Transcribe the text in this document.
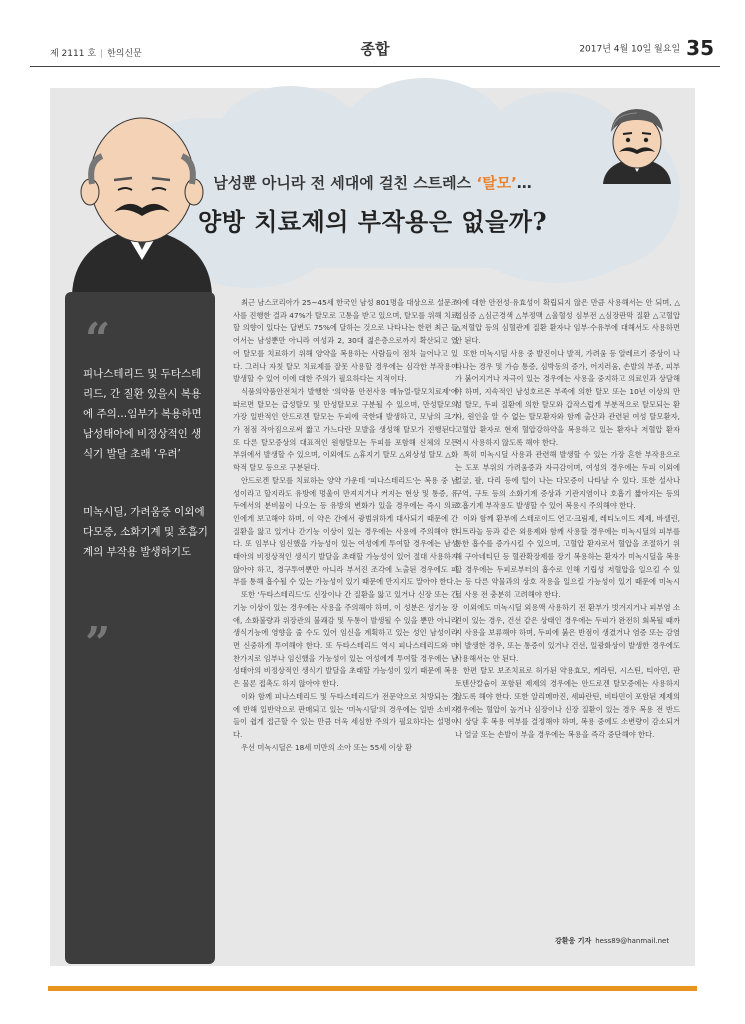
제 2111 호 | 한의신문	종합	2017년 4월 10일 월요일 35
남성뿐 아니라 전 세대에 걸친 스트레스 ‘탈모’…
양방 치료제의 부작용은 없을까?
“
피나스테리드 및 두타스테리드, 간 질환 있을시 복용에 주의…임부가 복용하면 남성태아에 비정상적인 생식기 발달 초래 ‘우려’
미녹시딜, 가려움증 이외에 다모증, 소화기계 및 호흡기계의 부작용 발생하기도
”

최근 남스코리아가 25~45세 한국인 남성 801명을 대상으로 설문조사를 진행한 결과 47%가 탈모로 고통을 받고 있으며, 탈모를 위해 치료할 의향이 있다는 답변도 75%에 달하는 것으로 나타나는 한편 최근 들어서는 남성뿐만 아니라 여성과 2, 30대 젊은층으로까지 확산되고 있어 탈모를 치료하기 위해 양약을 복용하는 사람들이 점차 늘어나고 있다. 그러나 자칫 탈모 치료제를 잘못 사용할 경우에는 심각한 부작용이 발생할 수 있어 이에 대한 주의가 필요하다는 지적이다.

식품의약품안전처가 발행한 '의약품 안전사용 매뉴얼-탈모치료제'에 따르면 탈모는 급성탈모 및 만성탈모로 구분될 수 있으며, 만성탈모의 가장 일반적인 안드로겐 탈모는 두피에 국한돼 발생하고, 모낭의 크기가 점점 작아짐으로써 짧고 가느다란 모발을 생성해 탈모가 진행된다. 또 다른 탈모증상의 대표적인 원형탈모는 두피를 포함해 신체의 모든 부위에서 발생할 수 있으며, 이외에도 △휴지기 탈모 △외상성 탈모 △화학적 탈모 등으로 구분된다.

안드로겐 탈모를 치료하는 양약 가운데 '피나스테리드'는 복용 중 남성이라고 할지라도 유방에 멍울이 만져지거나 커지는 현상 및 통증, 유두에서의 분비물이 나오는 등 유방의 변화가 있을 경우에는 즉시 의료인에게 보고해야 하며, 이 약은 간에서 광범위하게 대사되기 때문에 간 질환을 앓고 있거나 간기능 이상이 있는 경우에는 사용에 주의해야 한다. 또 임부나 임신했을 가능성이 있는 여성에게 투여할 경우에는 남성태아의 비정상적인 생식기 발달을 초래할 가능성이 있어 절대 사용하지 않아야 하고, 경구투여뿐만 아니라 부서진 조각에 노출된 경우에도 피부를 통해 흡수될 수 있는 가능성이 있기 때문에 만지지도 말아야 한다.

또한 '두타스테리드'도 신장이나 간 질환을 앓고 있거나 신장 또는 간기능 이상이 있는 경우에는 사용을 주의해야 하며, 이 성분은 성기능 장애, 소화불량과 위장관의 불쾌감 및 두통이 발생될 수 있을 뿐만 아니라 생식기능에 영향을 줄 수도 있어 임신을 계획하고 있는 성인 남성이라면 신중하게 투여해야 한다. 또 두타스테리드 역시 피나스테리드와 마찬가지로 임부나 임신했을 가능성이 있는 여성에게 투여할 경우에는 남성태아의 비정상적인 생식기 발달을 초래할 가능성이 있기 때문에 복용은 물론 접촉도 하지 않아야 한다.

이와 함께 피나스테리드 및 두타스테리드가 전문약으로 처방되는 것에 반해 일반약으로 판매되고 있는 '미녹시딜'의 경우에는 일반 소비자들이 쉽게 접근할 수 있는 만큼 더욱 세심한 주의가 필요하다는 설명이다.

우선 미녹시딜은 18세 미만의 소아 또는 55세 이상 환

자에 대한 안전성·유효성이 확립되지 않은 만큼 사용해서는 안 되며, △협심증 △심근경색 △부정맥 △울혈성 심부전 △심장판막 질환 △고혈압 △저혈압 등의 심혈관계 질환 환자나 임부·수유부에 대해서도 사용하면 안 된다.

또한 미녹시딜 사용 중 발진이나 발적, 가려움 등 알레르기 증상이 나타나는 경우 및 가슴 통증, 심박동의 증가, 어지러움, 손발의 부종, 피부가 붉어지거나 자극이 있는 경우에는 사용을 중지하고 의료인과 상담해야 하며, 지속적인 남성호르몬 부족에 의한 탈모 또는 10년 이상의 만성 탈모, 두피 질환에 의한 탈모와 갑작스럽게 부분적으로 탈모되는 환자, 원인을 알 수 없는 탈모환자와 함께 출산과 관련된 여성 탈모환자, 고혈압 환자로 현재 혈압강하약을 복용하고 있는 환자나 저혈압 환자 역시 사용하지 않도록 해야 한다.

특히 미녹시딜 사용과 관련해 발생할 수 있는 가장 흔한 부작용으로는 도포 부위의 가려움증과 자극감이며, 여성의 경우에는 두피 이외에 얼굴, 팔, 다리 등에 털이 나는 다모증이 나타날 수 있다. 또한 설사나 구역, 구토 등의 소화기계 증상과 기관지염이나 호흡기 짧아지는 등의 호흡기계 부작용도 발생할 수 있어 복용시 주의해야 한다.

이와 함께 환부에 스테로이드 연고·크림제, 레티노이드 제제, 바셀린, 디트라놀 등과 같은 외용제와 함께 사용할 경우에는 미녹시딜의 피부를 통한 흡수를 증가시킬 수 있으며, 고혈압 환자로서 혈압을 조절하기 위해 구아네티딘 등 혈관확장제를 장기 복용하는 환자가 미녹시딜을 복용할 경우에는 두피로부터의 흡수로 인해 기립성 저혈압을 일으킬 수 있는 등 다른 약물과의 상호 작용을 일으킬 가능성이 있기 때문에 미녹시딜 사용 전 충분히 고려해야 한다.

이외에도 미녹시딜 외용액 사용하기 전 환부가 벗겨지거나 피부염 소견이 있는 경우, 건선 같은 상태인 경우에는 두피가 완전히 회복될 때까지 사용을 보류해야 하며, 두피에 붉은 반점이 생겼거나 염증 또는 감염이 발생한 경우, 또는 통증이 있거나 건선, 일광화상이 발생한 경우에도 사용해서는 안 된다.

한편 탈모 보조치료로 허가된 약용효모, 케라틴, 시스틴, 티아민, 판토텐산칼슘이 포함된 제제의 경우에는 안드로겐 탈모증에는 사용하지 않도록 해야 한다. 또한 알리메마진, 세파란틴, 비타민이 포함된 제제의 경우에는 혈압이 높거나 심장이나 신장 질환이 있는 경우 복용 전 반드시 상담 후 복용 여부를 결정해야 하며, 복용 중에도 소변량이 감소되거나 얼굴 또는 손발이 부을 경우에는 복용을 즉각 중단해야 한다.

강환웅 기자 hess89@hanmail.net
